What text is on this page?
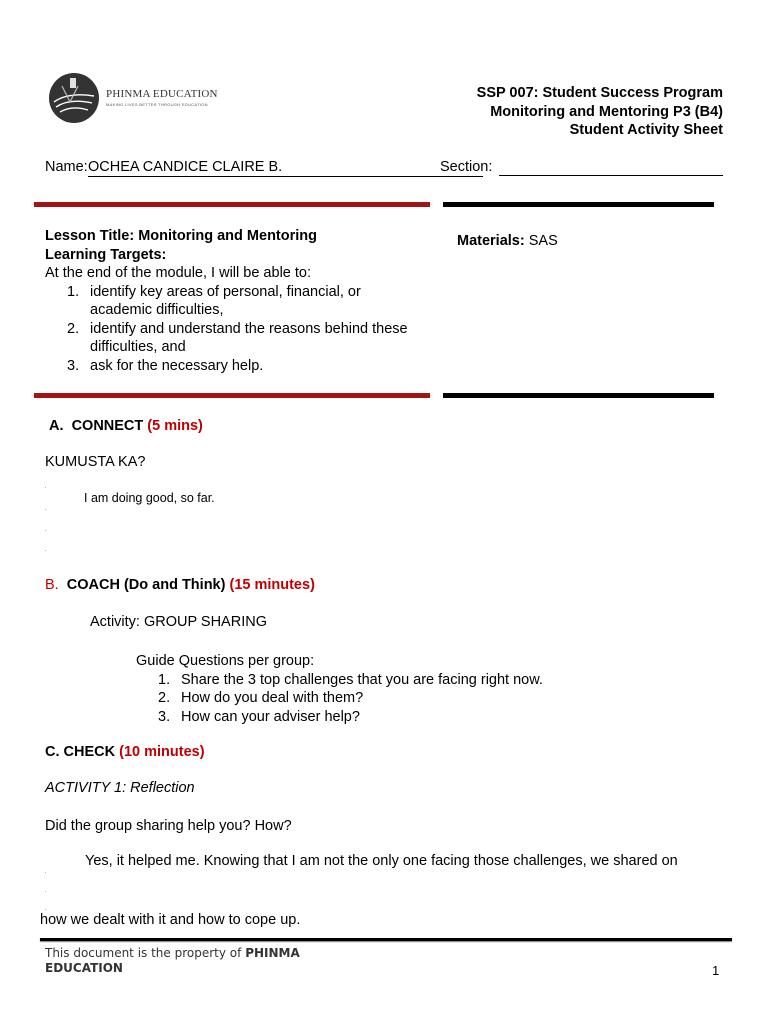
PHINMA EDUCATION
MAKING LIVES BETTER THROUGH EDUCATION
SSP 007: Student Success Program
Monitoring and Mentoring P3 (B4)
Student Activity Sheet
Name: OCHEA CANDICE CLAIRE B.	Section:
Lesson Title: Monitoring and Mentoring
Learning Targets:
At the end of the module, I will be able to:
1. identify key areas of personal, financial, or
academic difficulties,
2. identify and understand the reasons behind these
difficulties, and
3. ask for the necessary help.
Materials: SAS
A. CONNECT (5 mins)
KUMUSTA KA?
.
I am doing good, so far.
.
.
.
B. COACH (Do and Think) (15 minutes)
Activity: GROUP SHARING
Guide Questions per group:
1. Share the 3 top challenges that you are facing right now.
2. How do you deal with them?
3. How can your adviser help?
C. CHECK (10 minutes)
ACTIVITY 1: Reflection
Did the group sharing help you? How?
Yes, it helped me. Knowing that I am not the only one facing those challenges, we shared on
.
.
.
how we dealt with it and how to cope up.
This document is the property of PHINMA EDUCATION	1
